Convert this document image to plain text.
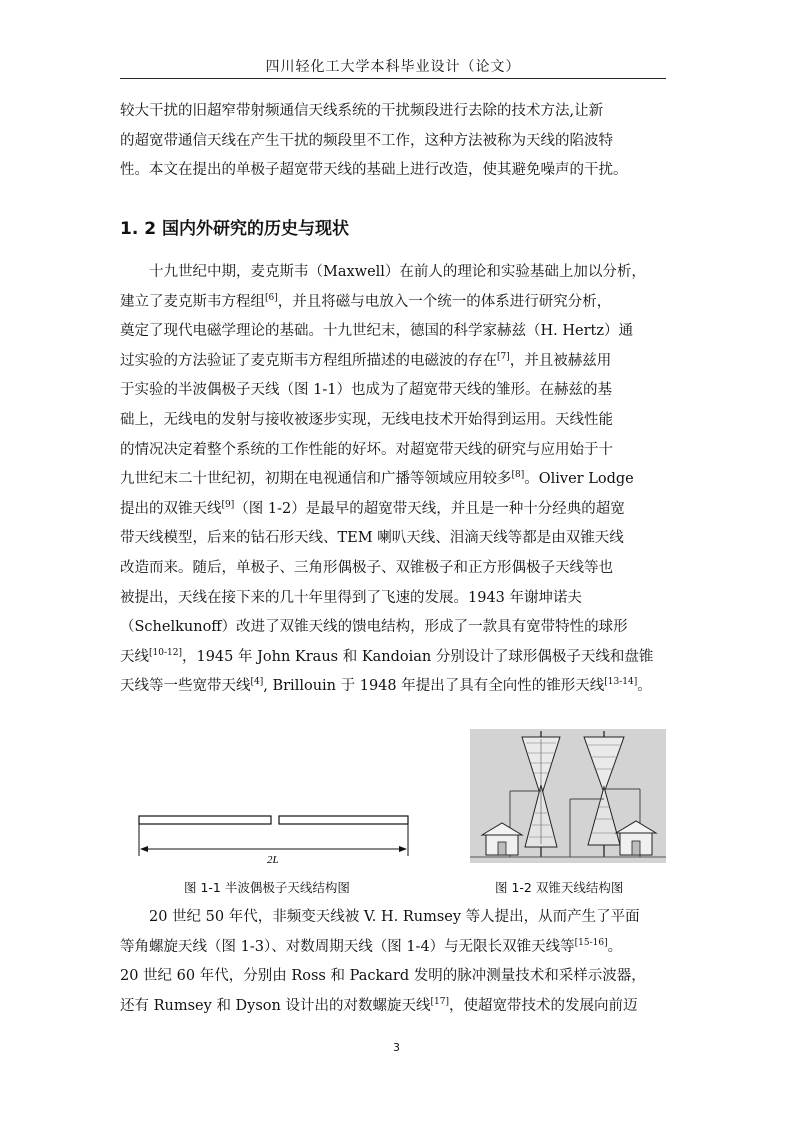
四川轻化工大学本科毕业设计（论文）
较大干扰的旧超窄带射频通信天线系统的干扰频段进行去除的技术方法,让新
的超宽带通信天线在产生干扰的频段里不工作，这种方法被称为天线的陷波特
性。本文在提出的单极子超宽带天线的基础上进行改造，使其避免噪声的干扰。
1. 2 国内外研究的历史与现状
十九世纪中期，麦克斯韦（Maxwell）在前人的理论和实验基础上加以分析，
建立了麦克斯韦方程组[6]，并且将磁与电放入一个统一的体系进行研究分析，
奠定了现代电磁学理论的基础。十九世纪末，德国的科学家赫兹（H. Hertz）通
过实验的方法验证了麦克斯韦方程组所描述的电磁波的存在[7]，并且被赫兹用
于实验的半波偶极子天线（图 1-1）也成为了超宽带天线的雏形。在赫兹的基
础上，无线电的发射与接收被逐步实现，无线电技术开始得到运用。天线性能
的情况决定着整个系统的工作性能的好坏。对超宽带天线的研究与应用始于十
九世纪末二十世纪初，初期在电视通信和广播等领域应用较多[8]。Oliver Lodge
提出的双锥天线[9]（图 1-2）是最早的超宽带天线，并且是一种十分经典的超宽
带天线模型，后来的钻石形天线、TEM 喇叭天线、泪滴天线等都是由双锥天线
改造而来。随后，单极子、三角形偶极子、双锥极子和正方形偶极子天线等也
被提出，天线在接下来的几十年里得到了飞速的发展。1943 年谢坤诺夫
（Schelkunoff）改进了双锥天线的馈电结构，形成了一款具有宽带特性的球形
天线[10-12]，1945 年 John Kraus 和 Kandoian 分别设计了球形偶极子天线和盘锥
天线等一些宽带天线[4], Brillouin 于 1948 年提出了具有全向性的锥形天线[13-14]。
2L
图 1-1 半波偶极子天线结构图	图 1-2 双锥天线结构图
20 世纪 50 年代，非频变天线被 V. H. Rumsey 等人提出，从而产生了平面
等角螺旋天线（图 1-3）、对数周期天线（图 1-4）与无限长双锥天线等[15-16]。
20 世纪 60 年代，分别由 Ross 和 Packard 发明的脉冲测量技术和采样示波器，
还有 Rumsey 和 Dyson 设计出的对数螺旋天线[17]，使超宽带技术的发展向前迈
3
